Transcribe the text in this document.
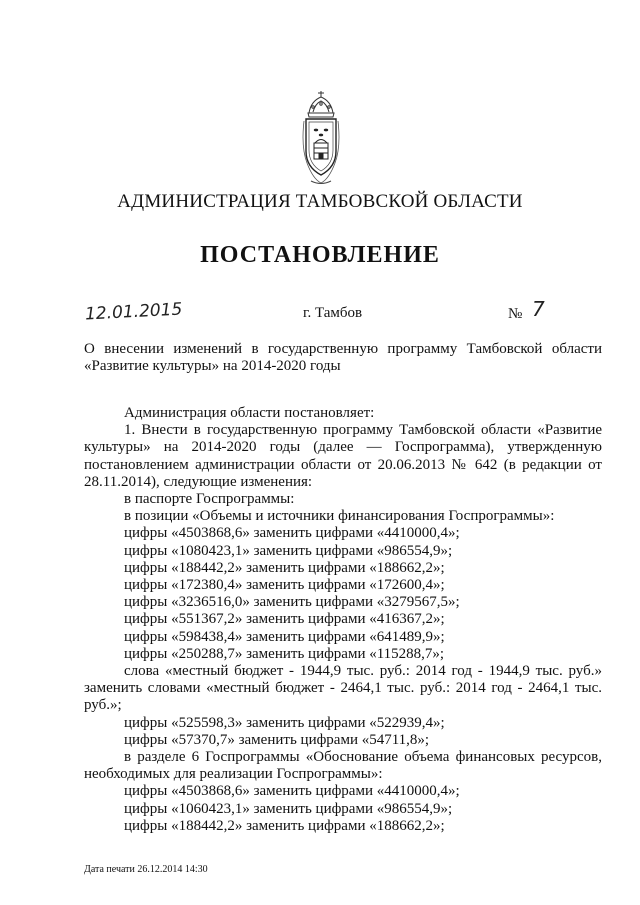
АДМИНИСТРАЦИЯ ТАМБОВСКОЙ ОБЛАСТИ
ПОСТАНОВЛЕНИЕ
12.01.2015	г. Тамбов	№ 7
О внесении изменений в государственную программу Тамбовской области «Развитие культуры» на 2014-2020 годы

Администрация области постановляет:

1. Внести в государственную программу Тамбовской области «Развитие культуры» на 2014-2020 годы (далее — Госпрограмма), утвержденную постановлением администрации области от 20.06.2013 № 642 (в редакции от 28.11.2014), следующие изменения:

в паспорте Госпрограммы:

в позиции «Объемы и источники финансирования Госпрограммы»:

цифры «4503868,6» заменить цифрами «4410000,4»;

цифры «1080423,1» заменить цифрами «986554,9»;

цифры «188442,2» заменить цифрами «188662,2»;

цифры «172380,4» заменить цифрами «172600,4»;

цифры «3236516,0» заменить цифрами «3279567,5»;

цифры «551367,2» заменить цифрами «416367,2»;

цифры «598438,4» заменить цифрами «641489,9»;

цифры «250288,7» заменить цифрами «115288,7»;

слова «местный бюджет - 1944,9 тыс. руб.: 2014 год - 1944,9 тыс. руб.» заменить словами «местный бюджет - 2464,1 тыс. руб.: 2014 год - 2464,1 тыс. руб.»;

цифры «525598,3» заменить цифрами «522939,4»;

цифры «57370,7» заменить цифрами «54711,8»;

в разделе 6 Госпрограммы «Обоснование объема финансовых ресурсов, необходимых для реализации Госпрограммы»:

цифры «4503868,6» заменить цифрами «4410000,4»;

цифры «1060423,1» заменить цифрами «986554,9»;

цифры «188442,2» заменить цифрами «188662,2»;

Дата печати 26.12.2014 14:30
